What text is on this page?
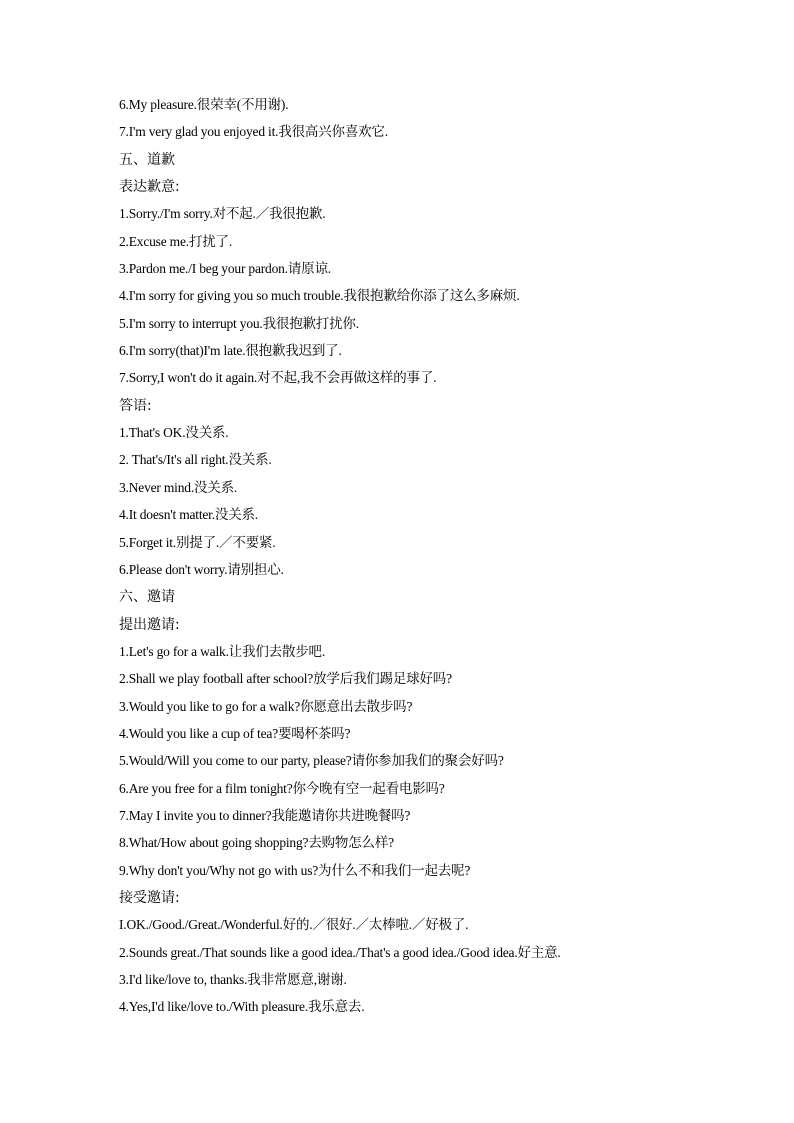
6.My pleasure.很荣幸(不用谢).
7.I'm very glad you enjoyed it.我很高兴你喜欢它.
五、道歉
表达歉意:
1.Sorry./I'm sorry.对不起.／我很抱歉.
2.Excuse me.打扰了.
3.Pardon me./I beg your pardon.请原谅.
4.I'm sorry for giving you so much trouble.我很抱歉给你添了这么多麻烦.
5.I'm sorry to interrupt you.我很抱歉打扰你.
6.I'm sorry(that)I'm late.很抱歉我迟到了.
7.Sorry,I won't do it again.对不起,我不会再做这样的事了.
答语:
1.That's OK.没关系.
2. That's/It's all right.没关系.
3.Never mind.没关系.
4.It doesn't matter.没关系.
5.Forget it.别提了.／不要紧.
6.Please don't worry.请别担心.
六、邀请
提出邀请:
1.Let's go for a walk.让我们去散步吧.
2.Shall we play football after school?放学后我们踢足球好吗?
3.Would you like to go for a walk?你愿意出去散步吗?
4.Would you like a cup of tea?要喝杯茶吗?
5.Would/Will you come to our party, please?请你参加我们的聚会好吗?
6.Are you free for a film tonight?你今晚有空一起看电影吗?
7.May I invite you to dinner?我能邀请你共进晚餐吗?
8.What/How about going shopping?去购物怎么样?
9.Why don't you/Why not go with us?为什么不和我们一起去呢?
接受邀请:
I.OK./Good./Great./Wonderful.好的.／很好.／太棒啦.／好极了.
2.Sounds great./That sounds like a good idea./That's a good idea./Good idea.好主意.
3.I'd like/love to, thanks.我非常愿意,谢谢.
4.Yes,I'd like/love to./With pleasure.我乐意去.
